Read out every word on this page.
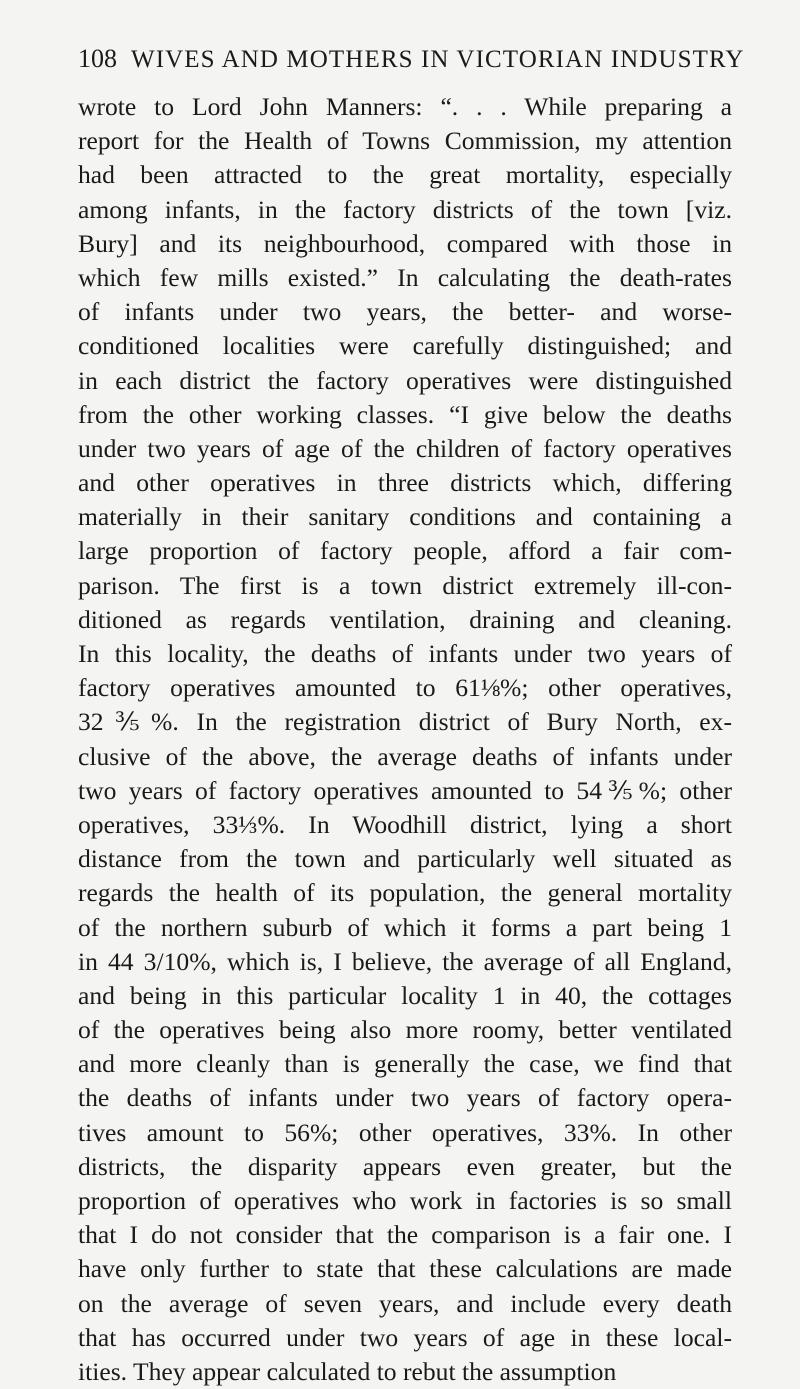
108 WIVES AND MOTHERS IN VICTORIAN INDUSTRY
wrote to Lord John Manners: “. . . While preparing a
report for the Health of Towns Commission, my attention
had been attracted to the great mortality, especially
among infants, in the factory districts of the town [viz.
Bury] and its neighbourhood, compared with those in
which few mills existed.” In calculating the death-rates
of infants under two years, the better- and worse-
conditioned localities were carefully distinguished; and
in each district the factory operatives were distinguished
from the other working classes. “I give below the deaths
under two years of age of the children of factory operatives
and other operatives in three districts which, differing
materially in their sanitary conditions and containing a
large proportion of factory people, afford a fair com-
parison. The first is a town district extremely ill-con-
ditioned as regards ventilation, draining and cleaning.
In this locality, the deaths of infants under two years of
factory operatives amounted to 61⅛%; other operatives,
32⅗%. In the registration district of Bury North, ex-
clusive of the above, the average deaths of infants under
two years of factory operatives amounted to 54⅗%; other
operatives, 33⅓%. In Woodhill district, lying a short
distance from the town and particularly well situated as
regards the health of its population, the general mortality
of the northern suburb of which it forms a part being 1
in 44 3/10%, which is, I believe, the average of all England,
and being in this particular locality 1 in 40, the cottages
of the operatives being also more roomy, better ventilated
and more cleanly than is generally the case, we find that
the deaths of infants under two years of factory opera-
tives amount to 56%; other operatives, 33%. In other
districts, the disparity appears even greater, but the
proportion of operatives who work in factories is so small
that I do not consider that the comparison is a fair one. I
have only further to state that these calculations are made
on the average of seven years, and include every death
that has occurred under two years of age in these local-
ities. They appear calculated to rebut the assumption
